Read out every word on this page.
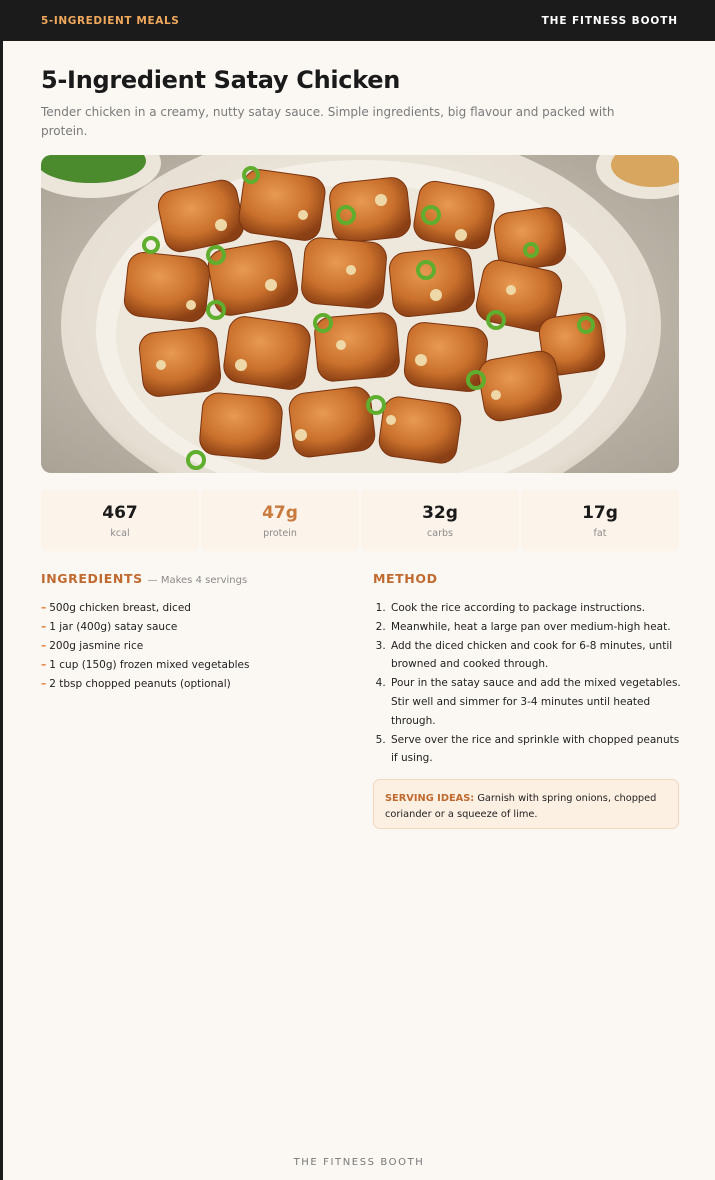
5-INGREDIENT MEALS	THE FITNESS BOOTH
5-Ingredient Satay Chicken

Tender chicken in a creamy, nutty satay sauce. Simple ingredients, big flavour and packed with protein.

467
kcal
47g
protein
32g
carbs
17g
fat
INGREDIENTS — Makes 4 servings
– 500g chicken breast, diced
– 1 jar (400g) satay sauce
– 200g jasmine rice
– 1 cup (150g) frozen mixed vegetables
– 2 tbsp chopped peanuts (optional)
METHOD
1. Cook the rice according to package instructions.
2. Meanwhile, heat a large pan over medium-high heat.
3. Add the diced chicken and cook for 6-8 minutes, until browned and cooked through.
4. Pour in the satay sauce and add the mixed vegetables. Stir well and simmer for 3-4 minutes until heated through.
5. Serve over the rice and sprinkle with chopped peanuts if using.
SERVING IDEAS: Garnish with spring onions, chopped coriander or a squeeze of lime.
THE FITNESS BOOTH
